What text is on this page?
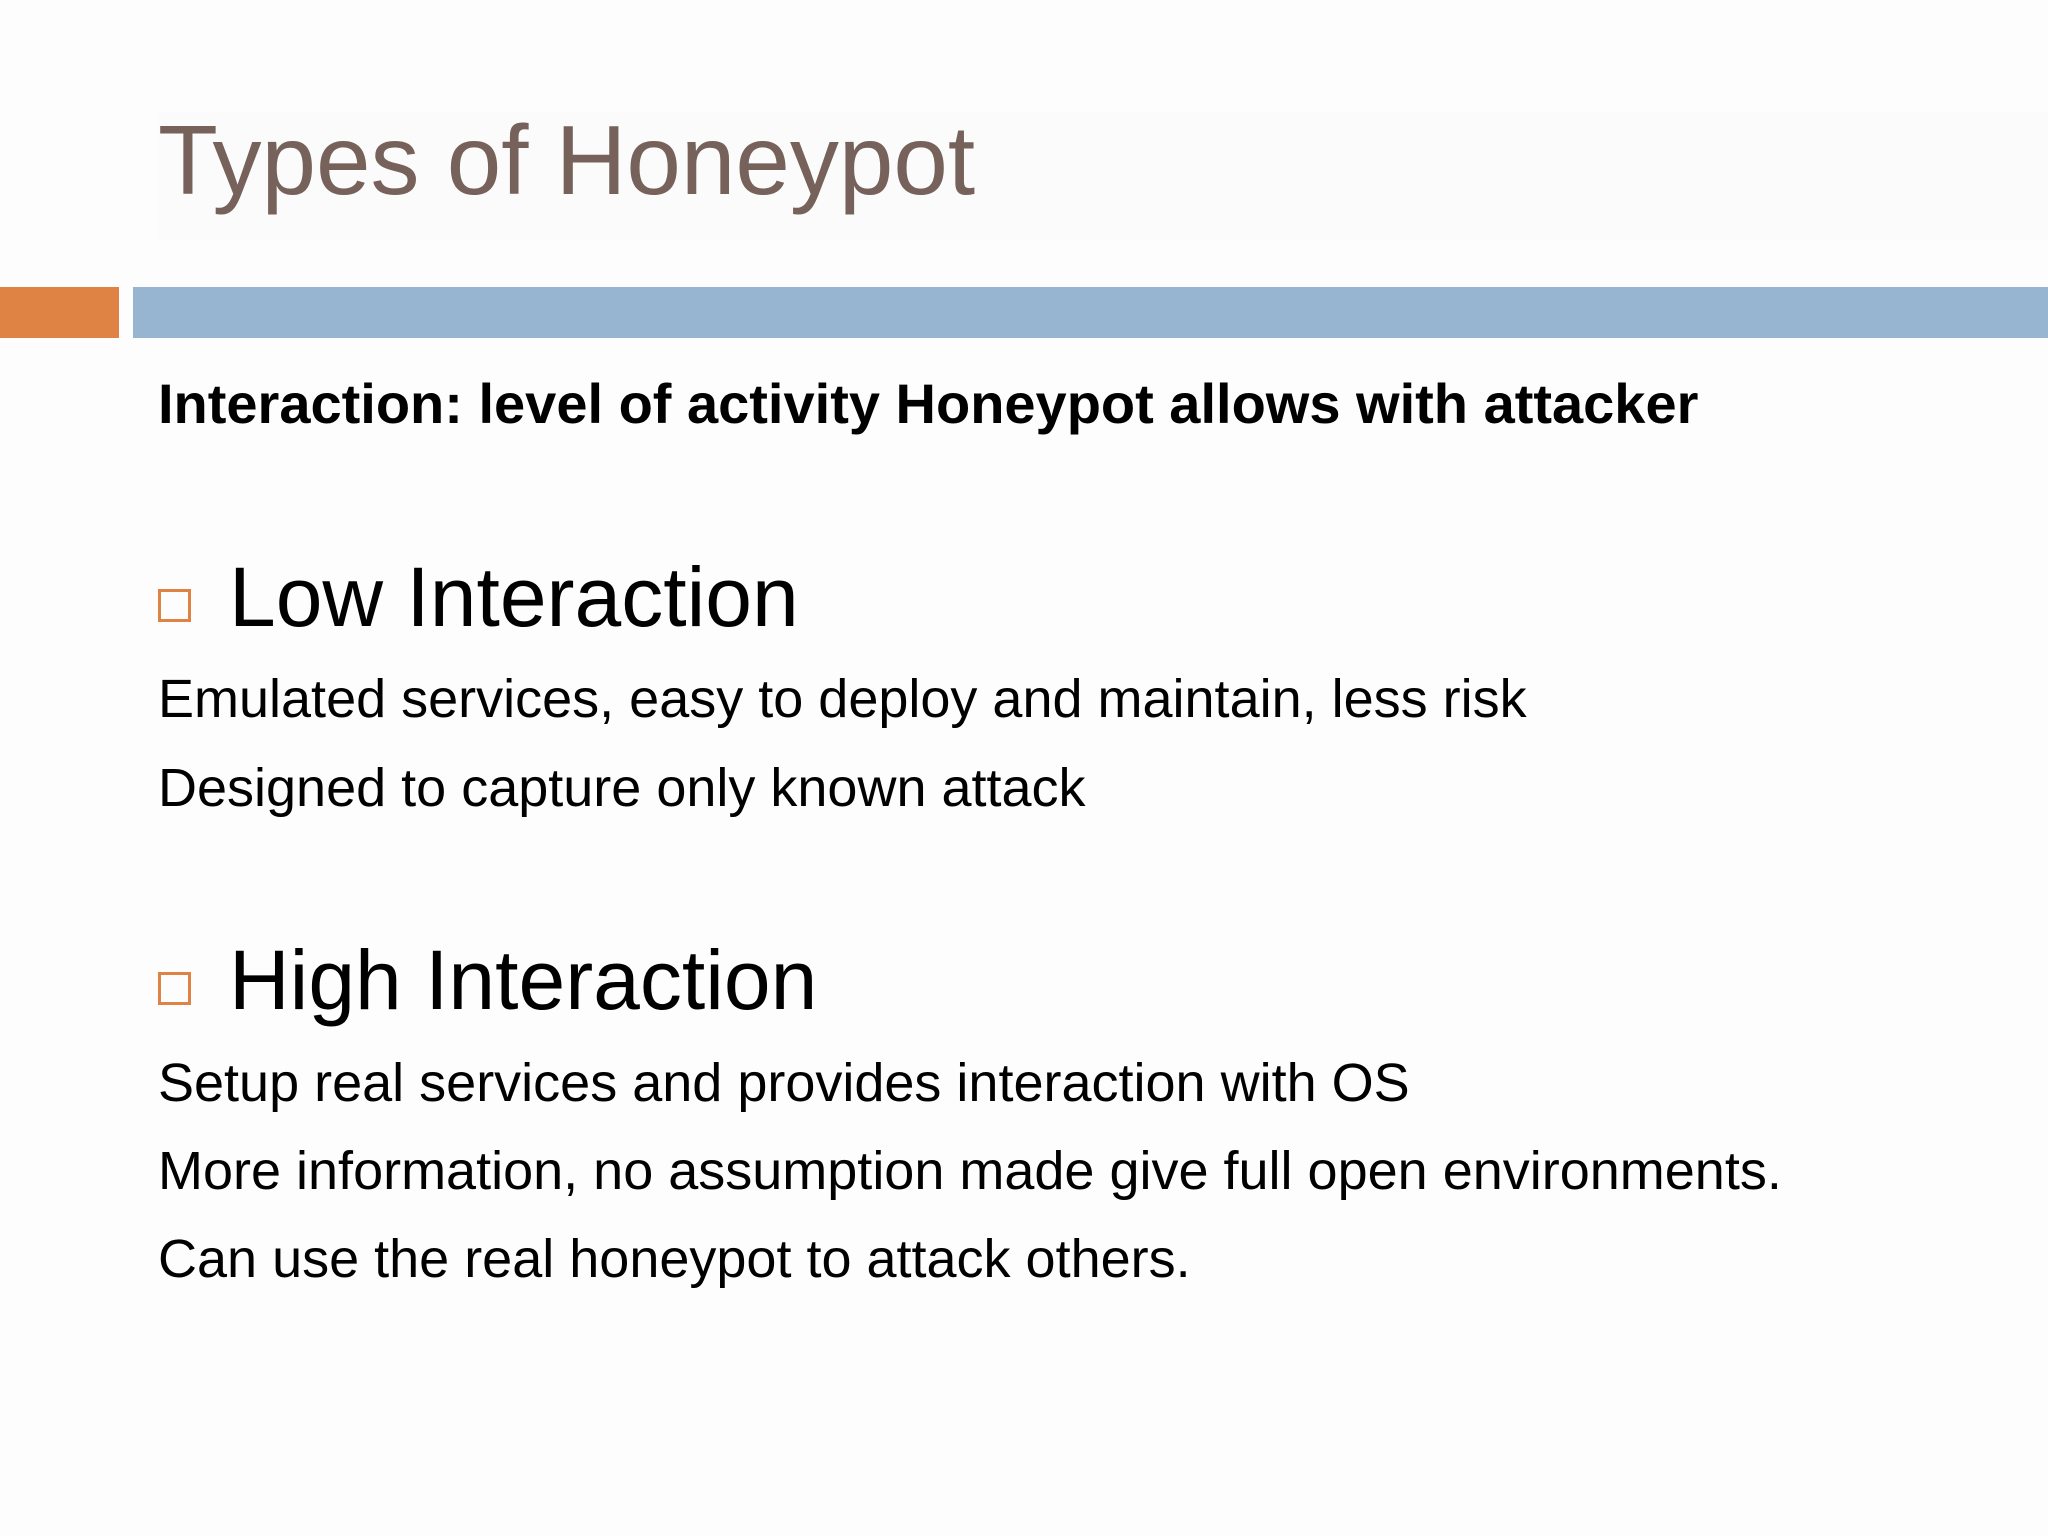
Types of Honeypot

Interaction: level of activity Honeypot allows with attacker

Low Interaction

Emulated services, easy to deploy and maintain, less risk

Designed to capture only known attack

High Interaction

Setup real services and provides interaction with OS

More information, no assumption made give full open environments.

Can use the real honeypot to attack others.
